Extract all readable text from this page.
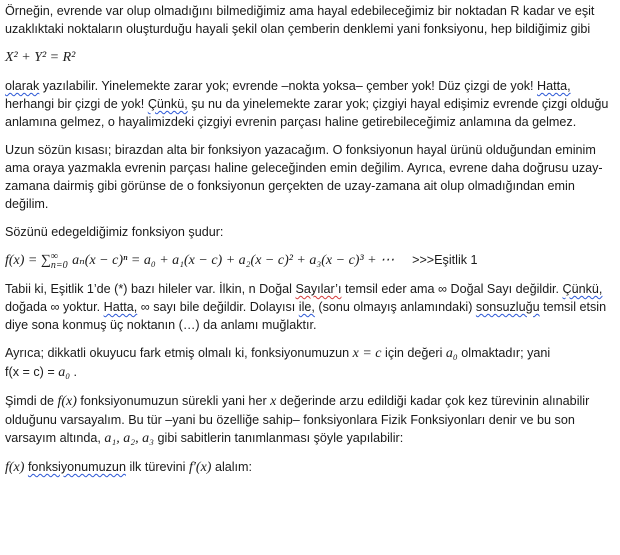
Örneğin, evrende var olup olmadığını bilmediğimiz ama hayal edebileceğimiz bir noktadan R kadar ve eşit uzaklıktaki noktaların oluşturduğu hayali şekil olan çemberin denklemi yani fonksiyonu, hep bildiğimiz gibi

X² + Y² = R²

olarak yazılabilir. Yinelemekte zarar yok; evrende –nokta yoksa– çember yok! Düz çizgi de yok! Hatta, herhangi bir çizgi de yok! Çünkü, şu nu da yinelemekte zarar yok; çizgiyi hayal edişimiz evrende çizgi olduğu anlamına gelmez, o hayalimizdeki çizgiyi evrenin parçası haline getirebileceğimiz anlamına da gelmez.

Uzun sözün kısası; birazdan alta bir fonksiyon yazacağım. O fonksiyonun hayal ürünü olduğundan eminim ama oraya yazmakla evrenin parçası haline geleceğinden emin değilim. Ayrıca, evrene daha doğrusu uzay-zamana dairmiş gibi görünse de o fonksiyonun gerçekten de uzay-zamana ait olup olmadığından emin değilim.

Sözünü edegeldiğimiz fonksiyon şudur:

f(x) = ∑ ∞
n=0 aₙ(x − c)ⁿ = a₀ + a₁(x − c) + a₂(x − c)² + a₃(x − c)³ + ⋯ >>>Eşitlik 1

Tabii ki, Eşitlik 1’de (*) bazı hileler var. İlkin, n Doğal Sayılar’ı temsil eder ama ∞ Doğal Sayı değildir. Çünkü, doğada ∞ yoktur. Hatta, ∞ sayı bile değildir. Dolayısı ile, (sonu olmayış anlamındaki) sonsuzluğu temsil etsin diye sona konmuş üç noktanın (…) da anlamı muğlaktır.

Ayrıca; dikkatli okuyucu fark etmiş olmalı ki, fonksiyonumuzun x = c için değeri a₀ olmaktadır; yani
f(x = c) = a₀ .

Şimdi de f(x) fonksiyonumuzun sürekli yani her x değerinde arzu edildiği kadar çok kez türevinin alınabilir olduğunu varsayalım. Bu tür –yani bu özelliğe sahip– fonksiyonlara Fizik Fonksiyonları denir ve bu son varsayım altında, a₁, a₂, a₃ gibi sabitlerin tanımlanması şöyle yapılabilir:

f(x) fonksiyonumuzun ilk türevini f′(x) alalım:
